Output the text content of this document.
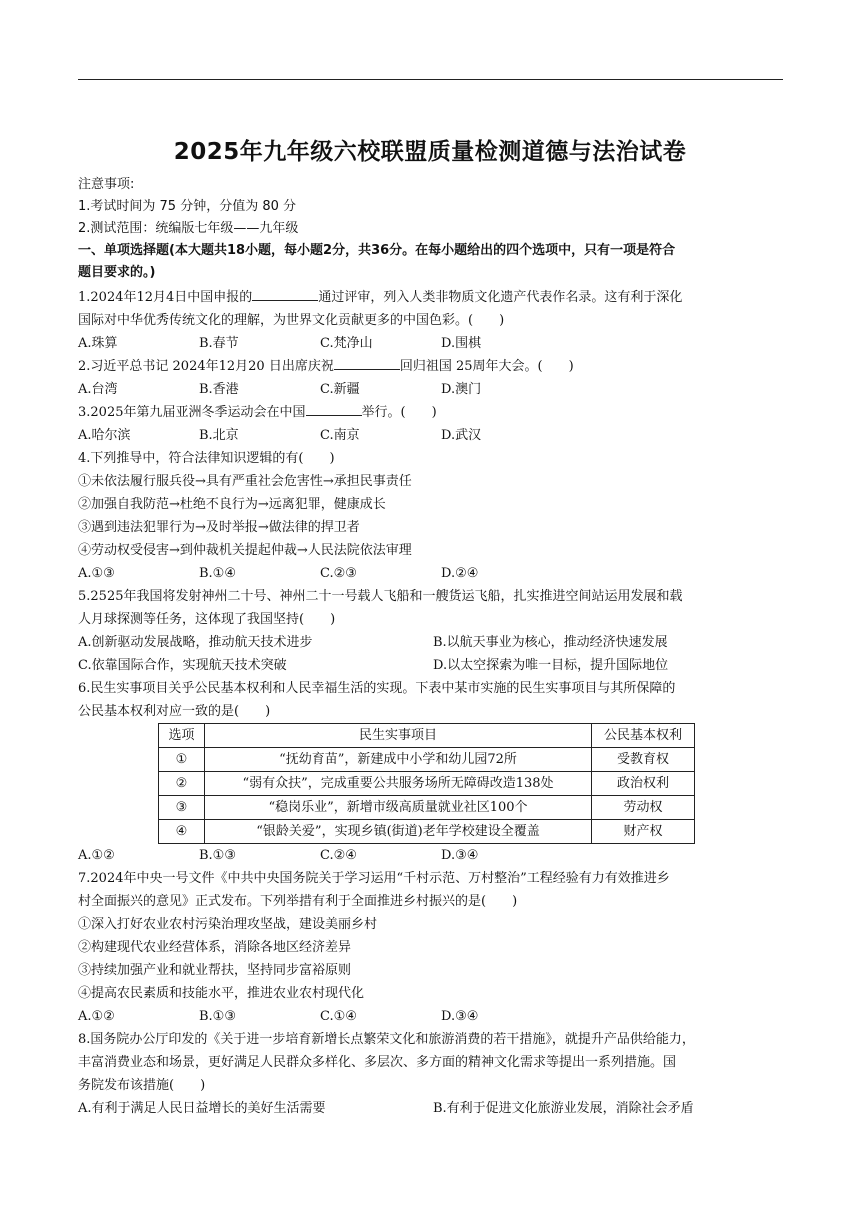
2025年九年级六校联盟质量检测道德与法治试卷
注意事项:
1.考试时间为 75 分钟，分值为 80 分
2.测试范围：统编版七年级——九年级
一、单项选择题(本大题共18小题，每小题2分，共36分。在每小题给出的四个选项中，只有一项是符合
题目要求的。)
1.2024年12月4日中国申报的	通过评审，列入人类非物质文化遗产代表作名录。这有利于深化
国际对中华优秀传统文化的理解，为世界文化贡献更多的中国色彩。(　　)
A.珠算	B.春节	C.梵净山	D.围棋
2.习近平总书记 2024年12月20 日出席庆祝	回归祖国 25周年大会。(　　)
A.台湾	B.香港	C.新疆	D.澳门
3.2025年第九届亚洲冬季运动会在中国	举行。(　　)
A.哈尔滨	B.北京	C.南京	D.武汉
4.下列推导中，符合法律知识逻辑的有(　　)
①未依法履行服兵役→具有严重社会危害性→承担民事责任
②加强自我防范→杜绝不良行为→远离犯罪，健康成长
③遇到违法犯罪行为→及时举报→做法律的捍卫者
④劳动权受侵害→到仲裁机关提起仲裁→人民法院依法审理
A.①③	B.①④	C.②③	D.②④
5.2525年我国将发射神州二十号、神州二十一号载人飞船和一艘货运飞船，扎实推进空间站运用发展和载
人月球探测等任务，这体现了我国坚持(　　)
A.创新驱动发展战略，推动航天技术进步	B.以航天事业为核心，推动经济快速发展
C.依靠国际合作，实现航天技术突破	D.以太空探索为唯一目标，提升国际地位
6.民生实事项目关乎公民基本权利和人民幸福生活的实现。下表中某市实施的民生实事项目与其所保障的
公民基本权利对应一致的是(　　)
选项	民生实事项目	公民基本权利
①	“抚幼育苗”，新建成中小学和幼儿园72所	受教育权
②	“弱有众扶”，完成重要公共服务场所无障碍改造138处	政治权利
③	“稳岗乐业”，新增市级高质量就业社区100个	劳动权
④	“银龄关爱”，实现乡镇(街道)老年学校建设全覆盖	财产权
A.①②	B.①③	C.②④	D.③④
7.2024年中央一号文件《中共中央国务院关于学习运用“千村示范、万村整治”工程经验有力有效推进乡
村全面振兴的意见》正式发布。下列举措有利于全面推进乡村振兴的是(　　)
①深入打好农业农村污染治理攻坚战，建设美丽乡村
②构建现代农业经营体系，消除各地区经济差异
③持续加强产业和就业帮扶，坚持同步富裕原则
④提高农民素质和技能水平，推进农业农村现代化
A.①②	B.①③	C.①④	D.③④
8.国务院办公厅印发的《关于进一步培育新增长点繁荣文化和旅游消费的若干措施》，就提升产品供给能力，
丰富消费业态和场景，更好满足人民群众多样化、多层次、多方面的精神文化需求等提出一系列措施。国
务院发布该措施(　　)
A.有利于满足人民日益增长的美好生活需要	B.有利于促进文化旅游业发展，消除社会矛盾
